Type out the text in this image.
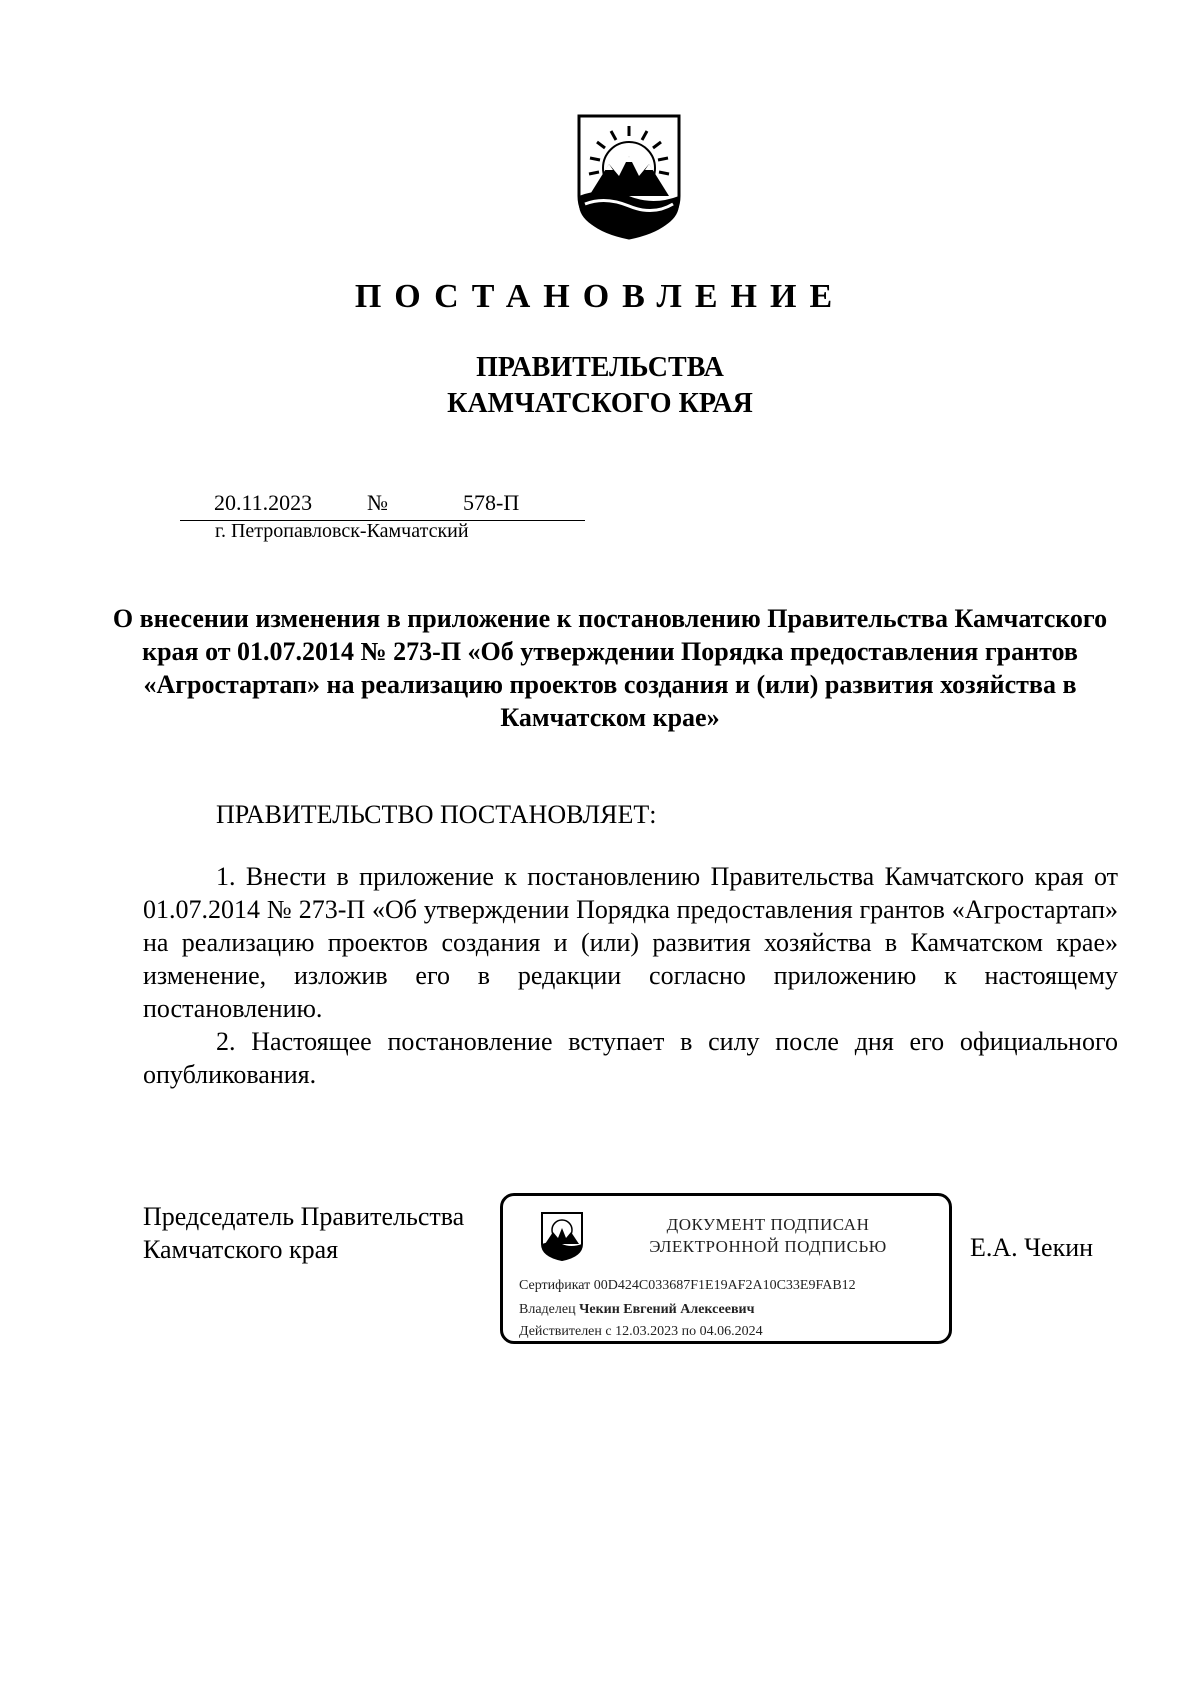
ПОСТАНОВЛЕНИЕ
ПРАВИТЕЛЬСТВА
КАМЧАТСКОГО КРАЯ
20.11.2023 №	578-П
г. Петропавловск-Камчатский
О внесении изменения в приложение к постановлению Правительства Камчатского края от 01.07.2014 № 273-П «Об утверждении Порядка предоставления грантов «Агростартап» на реализацию проектов создания и (или) развития хозяйства в Камчатском крае»
ПРАВИТЕЛЬСТВО ПОСТАНОВЛЯЕТ:

1. Внести в приложение к постановлению Правительства Камчатского края от 01.07.2014 № 273-П «Об утверждении Порядка предоставления грантов «Агростартап» на реализацию проектов создания и (или) развития хозяйства в Камчатском крае» изменение, изложив его в редакции согласно приложению к настоящему постановлению.

2. Настоящее постановление вступает в силу после дня его официального опубликования.

Председатель Правительства
Камчатского края
ДОКУМЕНТ ПОДПИСАН
ЭЛЕКТРОННОЙ ПОДПИСЬЮ
Сертификат 00D424C033687F1E19AF2A10C33E9FAB12
Владелец Чекин Евгений Алексеевич
Действителен с 12.03.2023 по 04.06.2024
Е.А. Чекин
